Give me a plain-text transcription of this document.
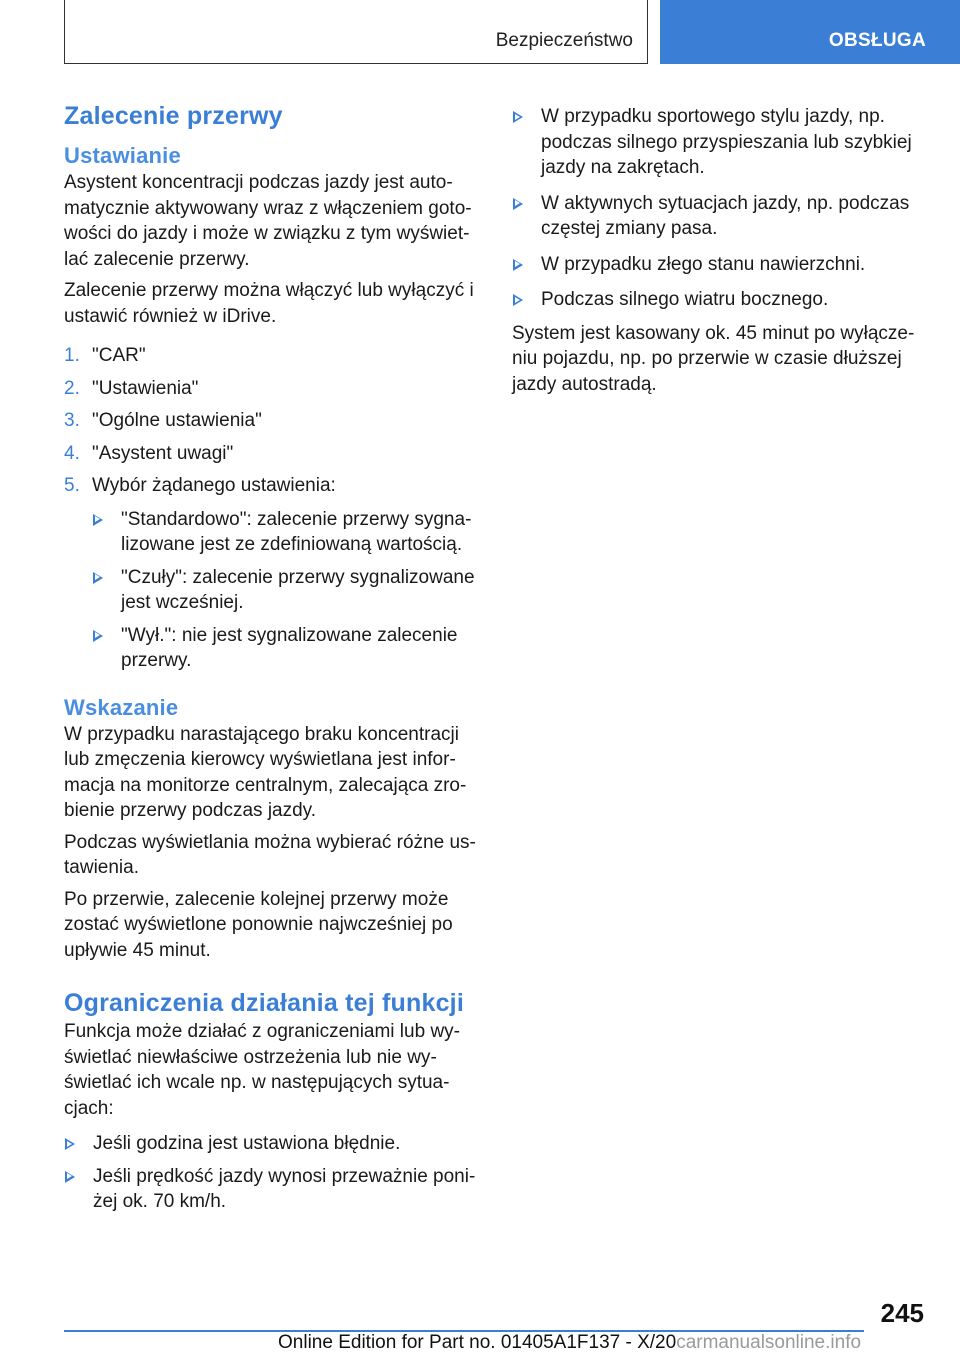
Bezpieczeństwo	OBSŁUGA
Zalecenie przerwy
Ustawianie

Asystent koncentracji podczas jazdy jest automatycznie aktywowany wraz z włączeniem gotowości do jazdy i może w związku z tym wyświetlać zalecenie przerwy.

Zalecenie przerwy można włączyć lub wyłączyć i ustawić również w iDrive.

1. "CAR"
2. "Ustawienia"
3. "Ogólne ustawienia"
4. "Asystent uwagi"
5. Wybór żądanego ustawienia:
"Standardowo": zalecenie przerwy sygnalizowane jest ze zdefiniowaną wartością.
"Czuły": zalecenie przerwy sygnalizowane jest wcześniej.
"Wył.": nie jest sygnalizowane zalecenie przerwy.
Wskazanie

W przypadku narastającego braku koncentracji lub zmęczenia kierowcy wyświetlana jest informacja na monitorze centralnym, zalecająca zrobienie przerwy podczas jazdy.

Podczas wyświetlania można wybierać różne ustawienia.

Po przerwie, zalecenie kolejnej przerwy może zostać wyświetlone ponownie najwcześniej po upływie 45 minut.

Ograniczenia działania tej funkcji

Funkcja może działać z ograniczeniami lub wyświetlać niewłaściwe ostrzeżenia lub nie wyświetlać ich wcale np. w następujących sytuacjach:

Jeśli godzina jest ustawiona błędnie.
Jeśli prędkość jazdy wynosi przeważnie poniżej ok. 70 km/h.
W przypadku sportowego stylu jazdy, np. podczas silnego przyspieszania lub szybkiej jazdy na zakrętach.
W aktywnych sytuacjach jazdy, np. podczas częstej zmiany pasa.
W przypadku złego stanu nawierzchni.
Podczas silnego wiatru bocznego.

System jest kasowany ok. 45 minut po wyłączeniu pojazdu, np. po przerwie w czasie dłuższej jazdy autostradą.

245
Online Edition for Part no. 01405A1F137 - X/20carmanualsonline.info
